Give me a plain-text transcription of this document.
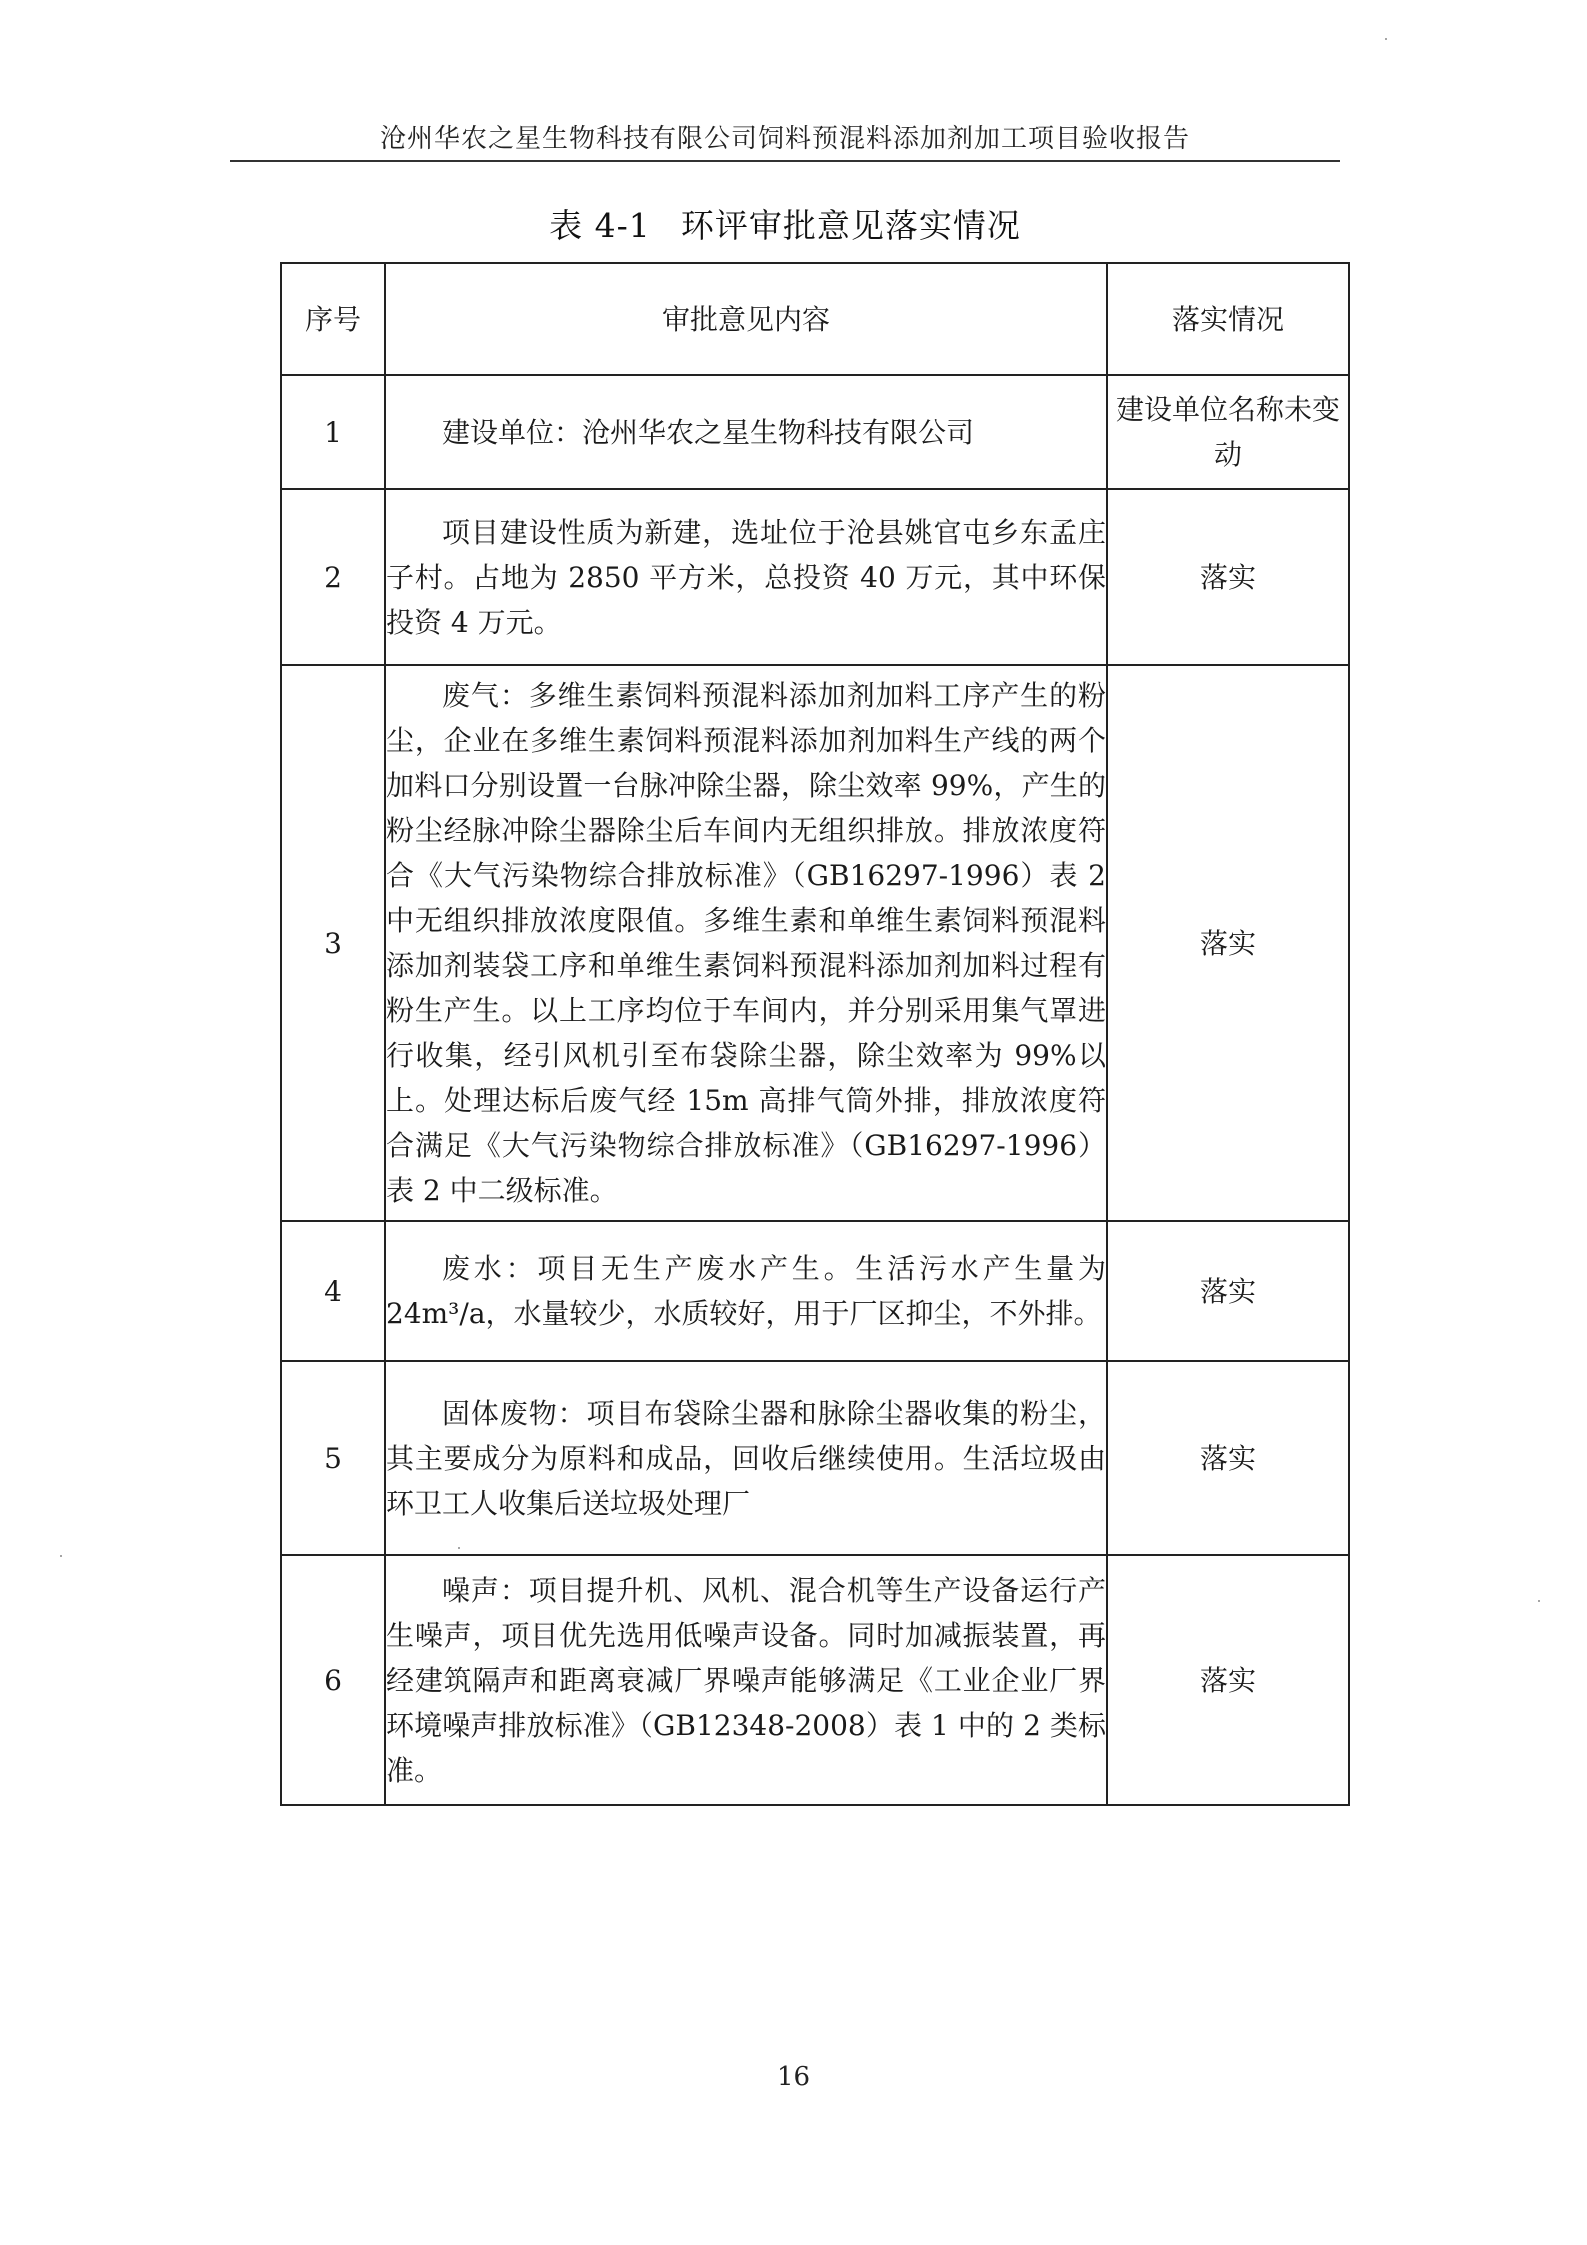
沧州华农之星生物科技有限公司饲料预混料添加剂加工项目验收报告
表 4-1 环评审批意见落实情况
序号	审批意见内容	落实情况
1	建设单位：沧州华农之星生物科技有限公司	建设单位名称未变动
2	项目建设性质为新建，选址位于沧县姚官屯乡东孟庄子村。占地为 2850 平方米，总投资 40 万元，其中环保投资 4 万元。	落实
3	废气：多维生素饲料预混料添加剂加料工序产生的粉尘，企业在多维生素饲料预混料添加剂加料生产线的两个加料口分别设置一台脉冲除尘器，除尘效率 99%，产生的粉尘经脉冲除尘器除尘后车间内无组织排放。排放浓度符合《大气污染物综合排放标准》（GB16297-1996）表 2 中无组织排放浓度限值。多维生素和单维生素饲料预混料添加剂装袋工序和单维生素饲料预混料添加剂加料过程有粉生产生。以上工序均位于车间内，并分别采用集气罩进行收集，经引风机引至布袋除尘器，除尘效率为 99%以上。处理达标后废气经 15m 高排气筒外排，排放浓度符合满足《大气污染物综合排放标准》（GB16297-1996）表 2 中二级标准。	落实
4	废水：项目无生产废水产生。生活污水产生量为 24m³/a，水量较少，水质较好，用于厂区抑尘，不外排。	落实
5	固体废物：项目布袋除尘器和脉除尘器收集的粉尘，其主要成分为原料和成品，回收后继续使用。生活垃圾由环卫工人收集后送垃圾处理厂	落实
6	噪声：项目提升机、风机、混合机等生产设备运行产生噪声，项目优先选用低噪声设备。同时加减振装置，再经建筑隔声和距离衰减厂界噪声能够满足《工业企业厂界环境噪声排放标准》（GB12348-2008）表 1 中的 2 类标准。	落实
16
